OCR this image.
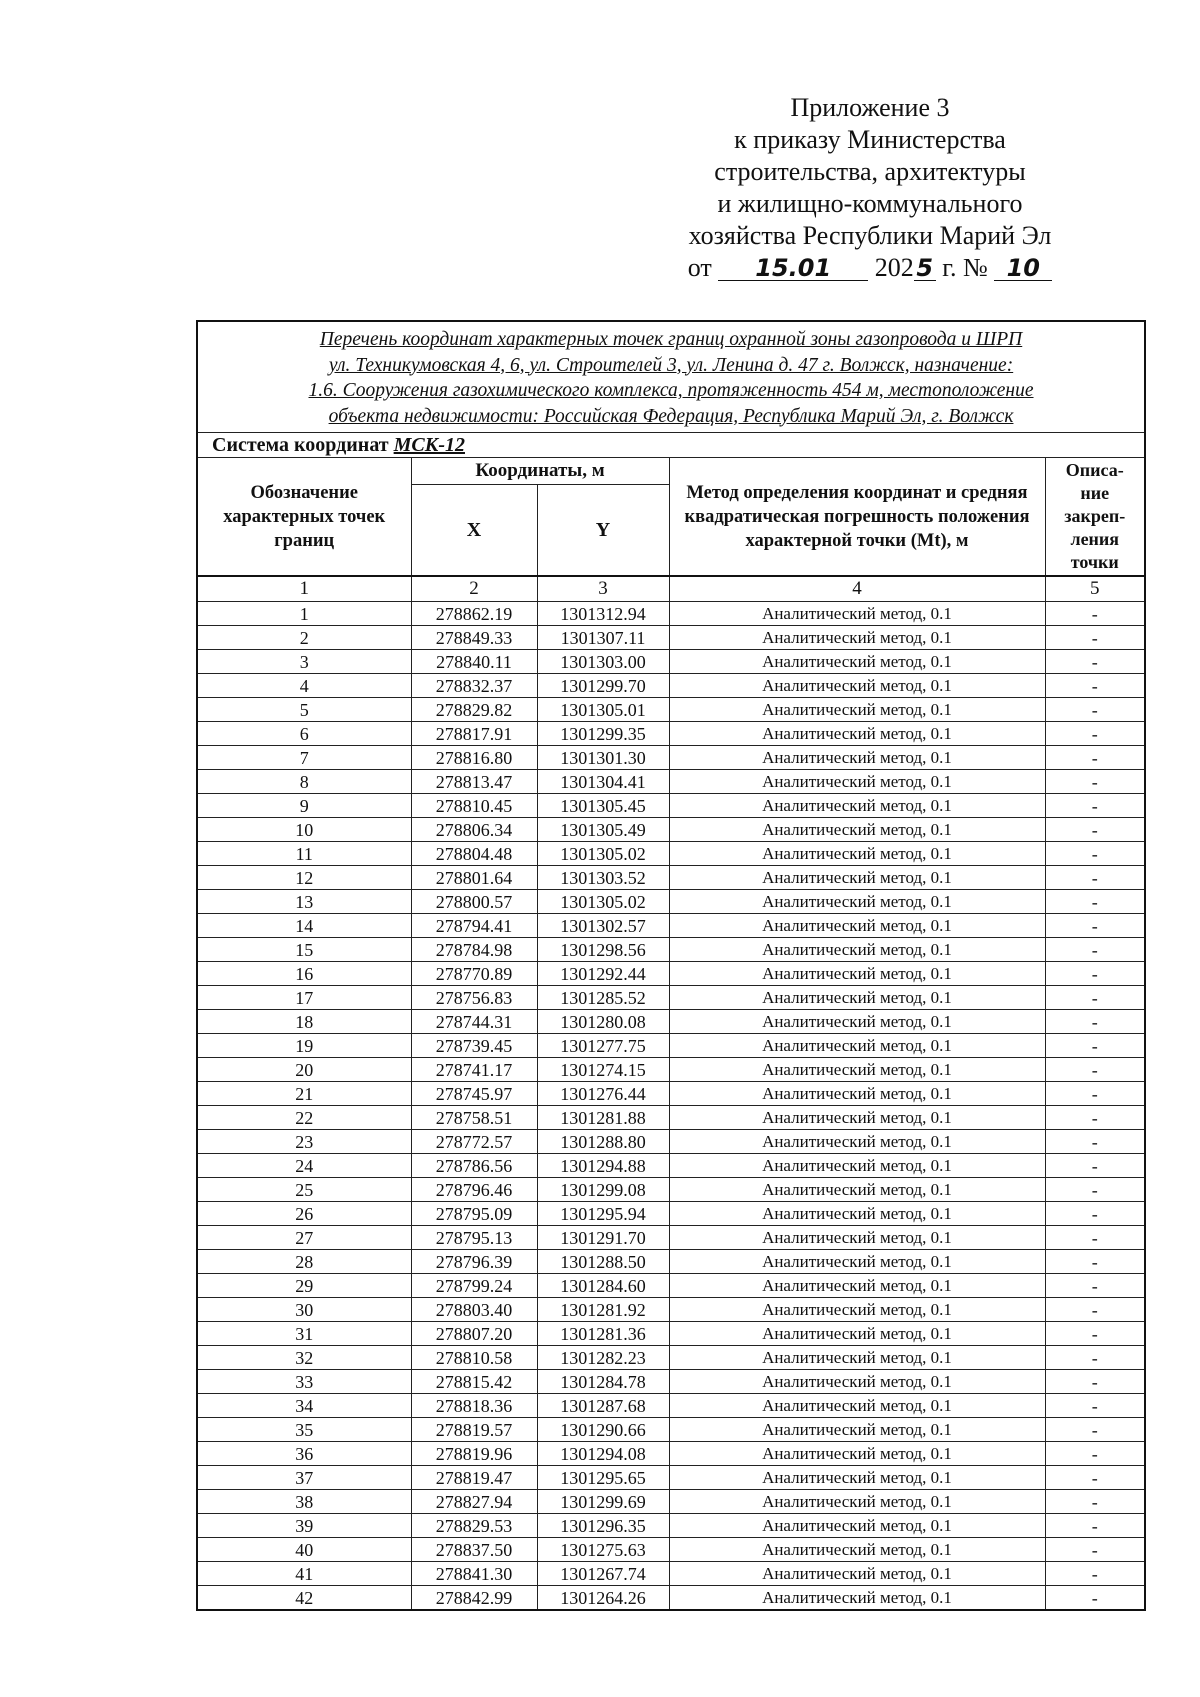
Приложение 3
к приказу Министерства
строительства, архитектуры
и жилищно-коммунального
хозяйства Республики Марий Эл
от 15.01 202 5 г. № 10
Перечень координат характерных точек границ охранной зоны газопровода и ШРП
ул. Техникумовская 4, 6, ул. Строителей 3, ул. Ленина д. 47 г. Волжск, назначение:
1.6. Сооружения газохимического комплекса, протяженность 454 м, местоположение
объекта недвижимости: Российская Федерация, Республика Марий Эл, г. Волжск				

Система координат МСК-12				
Обозначение характерных точек границ	Координаты, м		Метод определения координат и средняя квадратическая погрешность положения характерной точки (Mt), м	Описа-ние закреп-ления точки
	X	Y		
1	2	3	4	5
1	278862.19	1301312.94	Аналитический метод, 0.1	-
2	278849.33	1301307.11	Аналитический метод, 0.1	-
3	278840.11	1301303.00	Аналитический метод, 0.1	-
4	278832.37	1301299.70	Аналитический метод, 0.1	-
5	278829.82	1301305.01	Аналитический метод, 0.1	-
6	278817.91	1301299.35	Аналитический метод, 0.1	-
7	278816.80	1301301.30	Аналитический метод, 0.1	-
8	278813.47	1301304.41	Аналитический метод, 0.1	-
9	278810.45	1301305.45	Аналитический метод, 0.1	-
10	278806.34	1301305.49	Аналитический метод, 0.1	-
11	278804.48	1301305.02	Аналитический метод, 0.1	-
12	278801.64	1301303.52	Аналитический метод, 0.1	-
13	278800.57	1301305.02	Аналитический метод, 0.1	-
14	278794.41	1301302.57	Аналитический метод, 0.1	-
15	278784.98	1301298.56	Аналитический метод, 0.1	-
16	278770.89	1301292.44	Аналитический метод, 0.1	-
17	278756.83	1301285.52	Аналитический метод, 0.1	-
18	278744.31	1301280.08	Аналитический метод, 0.1	-
19	278739.45	1301277.75	Аналитический метод, 0.1	-
20	278741.17	1301274.15	Аналитический метод, 0.1	-
21	278745.97	1301276.44	Аналитический метод, 0.1	-
22	278758.51	1301281.88	Аналитический метод, 0.1	-
23	278772.57	1301288.80	Аналитический метод, 0.1	-
24	278786.56	1301294.88	Аналитический метод, 0.1	-
25	278796.46	1301299.08	Аналитический метод, 0.1	-
26	278795.09	1301295.94	Аналитический метод, 0.1	-
27	278795.13	1301291.70	Аналитический метод, 0.1	-
28	278796.39	1301288.50	Аналитический метод, 0.1	-
29	278799.24	1301284.60	Аналитический метод, 0.1	-
30	278803.40	1301281.92	Аналитический метод, 0.1	-
31	278807.20	1301281.36	Аналитический метод, 0.1	-
32	278810.58	1301282.23	Аналитический метод, 0.1	-
33	278815.42	1301284.78	Аналитический метод, 0.1	-
34	278818.36	1301287.68	Аналитический метод, 0.1	-
35	278819.57	1301290.66	Аналитический метод, 0.1	-
36	278819.96	1301294.08	Аналитический метод, 0.1	-
37	278819.47	1301295.65	Аналитический метод, 0.1	-
38	278827.94	1301299.69	Аналитический метод, 0.1	-
39	278829.53	1301296.35	Аналитический метод, 0.1	-
40	278837.50	1301275.63	Аналитический метод, 0.1	-
41	278841.30	1301267.74	Аналитический метод, 0.1	-
42	278842.99	1301264.26	Аналитический метод, 0.1	-
